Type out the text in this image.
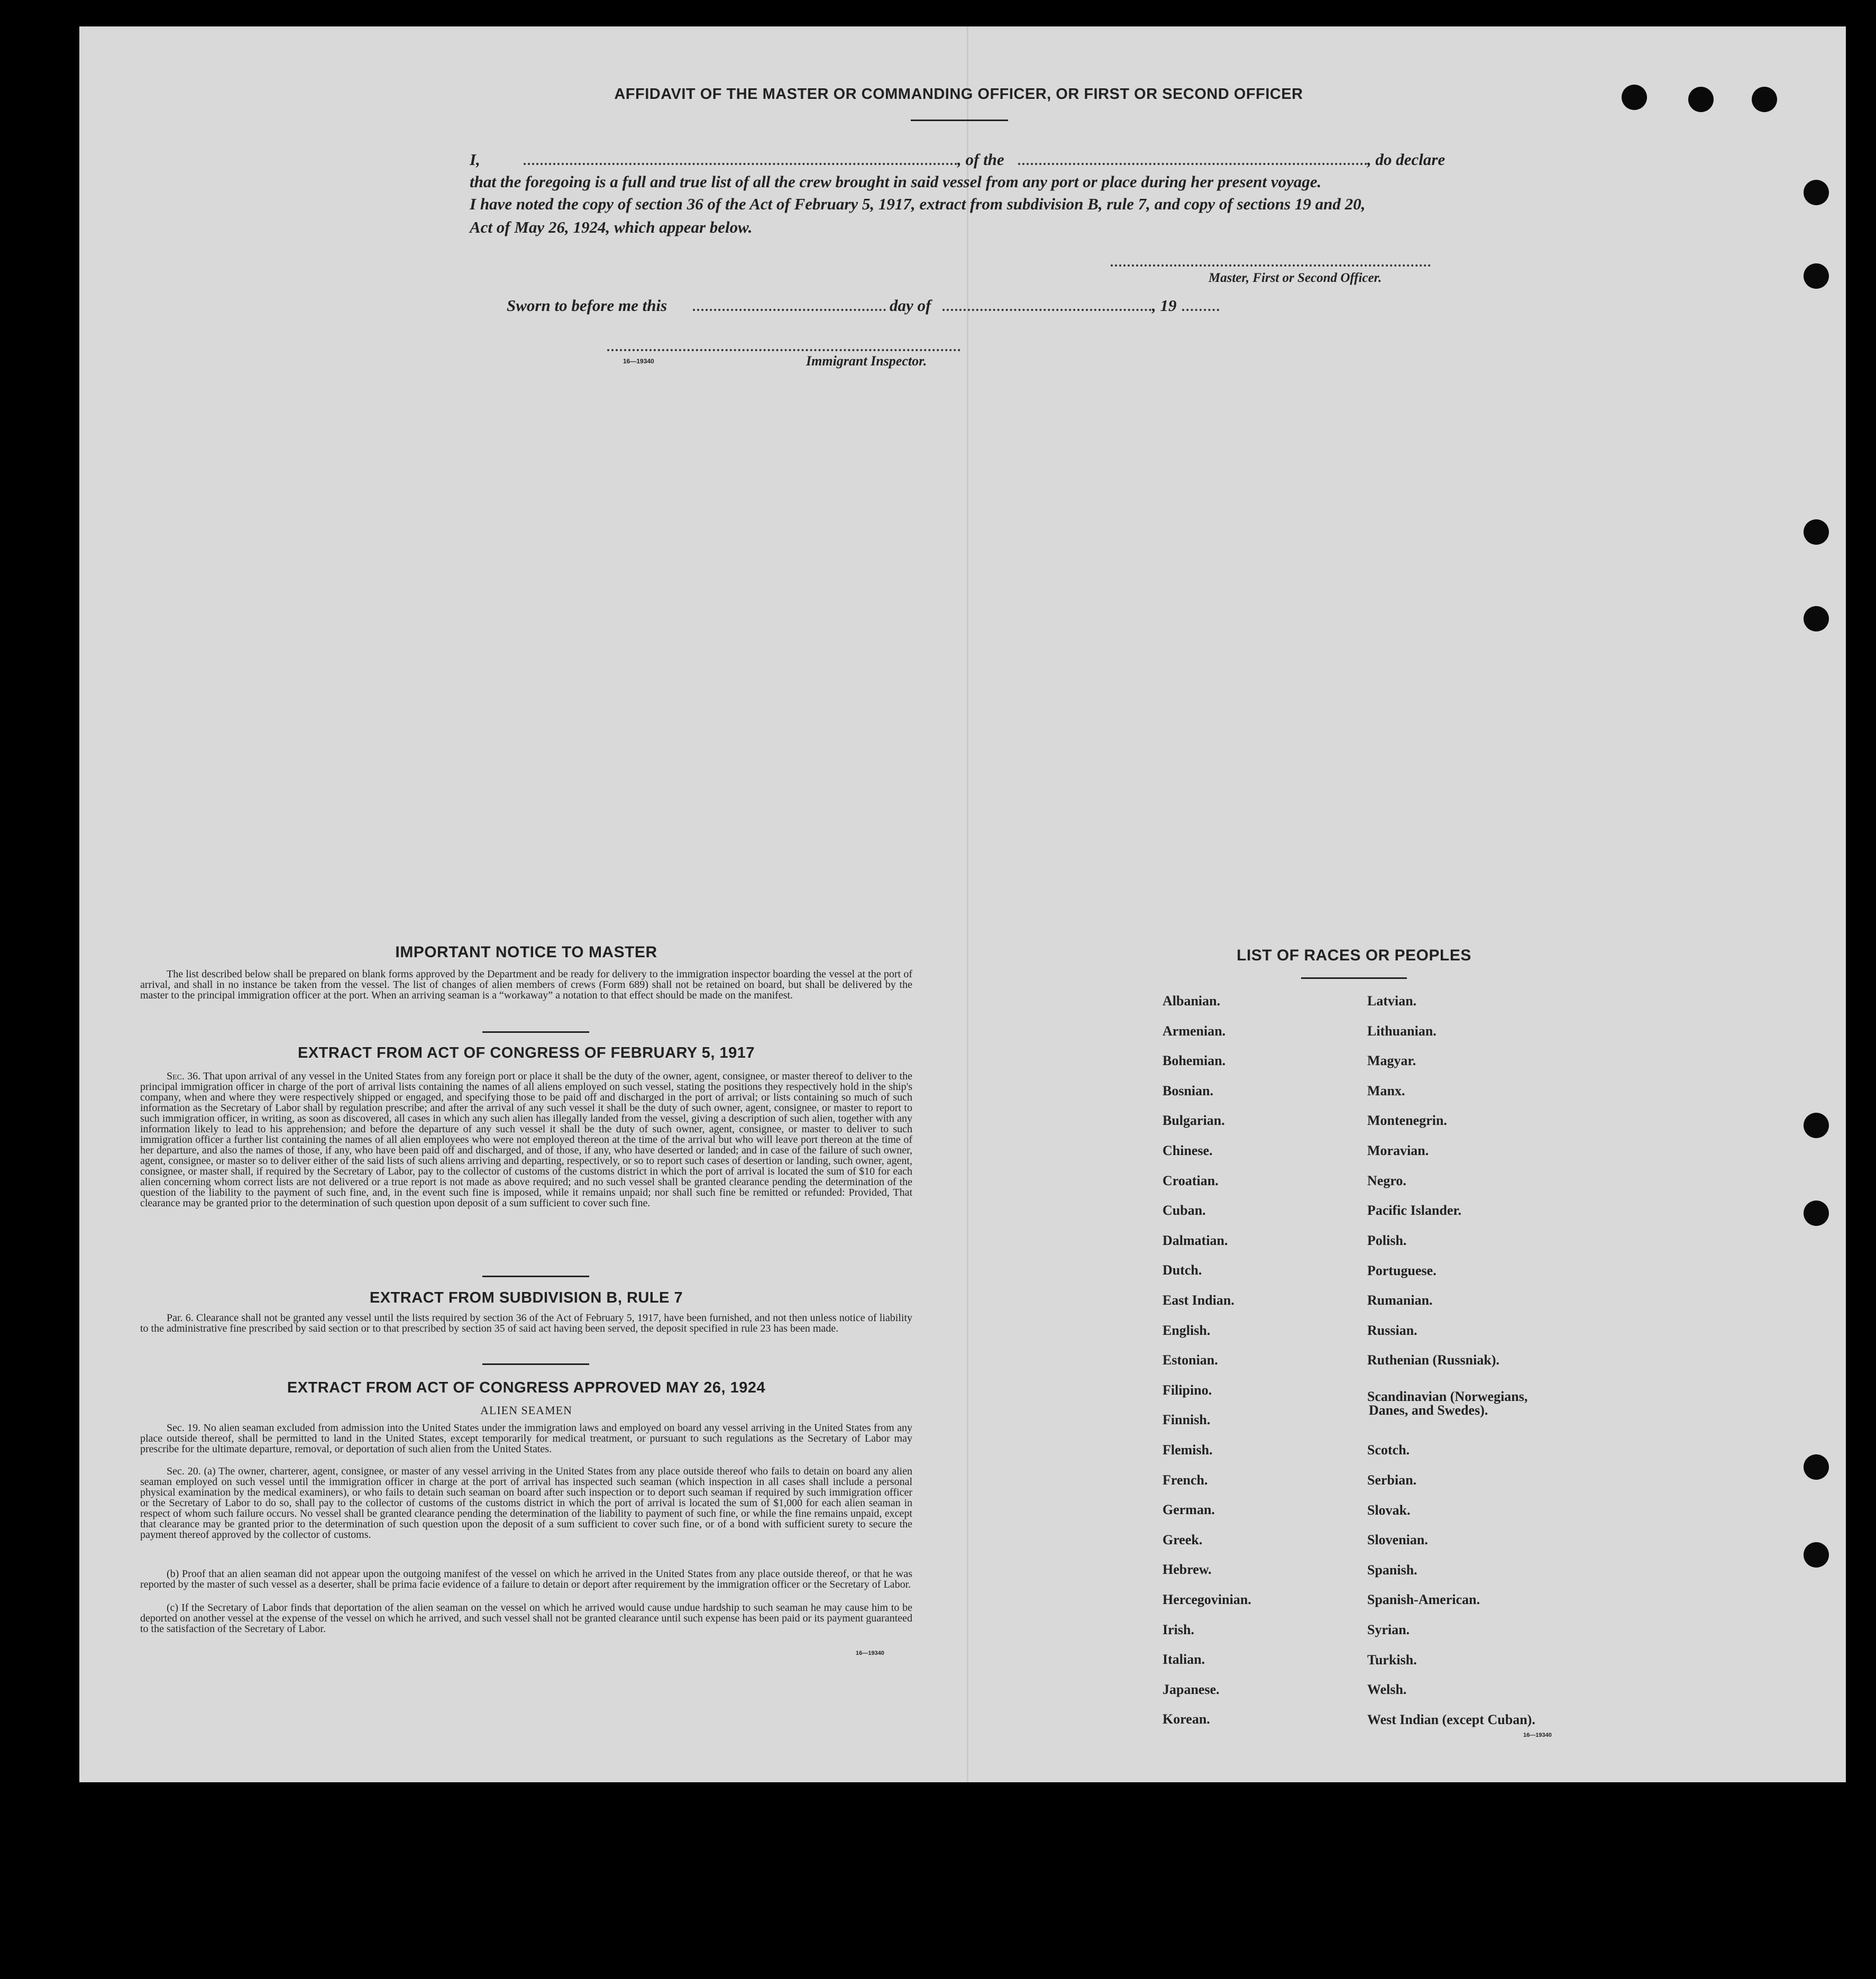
AFFIDAVIT OF THE MASTER OR COMMANDING OFFICER, OR FIRST OR SECOND OFFICER
I,	, of the	, do declare
that the foregoing is a full and true list of all the crew brought in said vessel from any port or place during her present voyage.
I have noted the copy of section 36 of the Act of February 5, 1917, extract from subdivision B, rule 7, and copy of sections 19 and 20,
Act of May 26, 1924, which appear below.
Master, First or Second Officer.
Sworn to before me this	day of	, 19
16—19340	Immigrant Inspector.
IMPORTANT NOTICE TO MASTER
The list described below shall be prepared on blank forms approved by the Department and be ready for delivery to the immigration inspector boarding the vessel at the port of arrival, and shall in no instance be taken from the vessel. The list of changes of alien members of crews (Form 689) shall not be retained on board, but shall be delivered by the master to the principal immigration officer at the port. When an arriving seaman is a “workaway” a notation to that effect should be made on the manifest.
EXTRACT FROM ACT OF CONGRESS OF FEBRUARY 5, 1917
Sec. 36. That upon arrival of any vessel in the United States from any foreign port or place it shall be the duty of the owner, agent, consignee, or master thereof to deliver to the principal immigration officer in charge of the port of arrival lists containing the names of all aliens employed on such vessel, stating the positions they respectively hold in the ship's company, when and where they were respectively shipped or engaged, and specifying those to be paid off and discharged in the port of arrival; or lists containing so much of such information as the Secretary of Labor shall by regulation prescribe; and after the arrival of any such vessel it shall be the duty of such owner, agent, consignee, or master to report to such immigration officer, in writing, as soon as discovered, all cases in which any such alien has illegally landed from the vessel, giving a description of such alien, together with any information likely to lead to his apprehension; and before the departure of any such vessel it shall be the duty of such owner, agent, consignee, or master to deliver to such immigration officer a further list containing the names of all alien employees who were not employed thereon at the time of the arrival but who will leave port thereon at the time of her departure, and also the names of those, if any, who have been paid off and discharged, and of those, if any, who have deserted or landed; and in case of the failure of such owner, agent, consignee, or master so to deliver either of the said lists of such aliens arriving and departing, respectively, or so to report such cases of desertion or landing, such owner, agent, consignee, or master shall, if required by the Secretary of Labor, pay to the collector of customs of the customs district in which the port of arrival is located the sum of $10 for each alien concerning whom correct lists are not delivered or a true report is not made as above required; and no such vessel shall be granted clearance pending the determination of the question of the liability to the payment of such fine, and, in the event such fine is imposed, while it remains unpaid; nor shall such fine be remitted or refunded: Provided, That clearance may be granted prior to the determination of such question upon deposit of a sum sufficient to cover such fine.
EXTRACT FROM SUBDIVISION B, RULE 7
Par. 6. Clearance shall not be granted any vessel until the lists required by section 36 of the Act of February 5, 1917, have been furnished, and not then unless notice of liability to the administrative fine prescribed by said section or to that prescribed by section 35 of said act having been served, the deposit specified in rule 23 has been made.
EXTRACT FROM ACT OF CONGRESS APPROVED MAY 26, 1924
ALIEN SEAMEN
Sec. 19. No alien seaman excluded from admission into the United States under the immigration laws and employed on board any vessel arriving in the United States from any place outside thereof, shall be permitted to land in the United States, except temporarily for medical treatment, or pursuant to such regulations as the Secretary of Labor may prescribe for the ultimate departure, removal, or deportation of such alien from the United States.
Sec. 20. (a) The owner, charterer, agent, consignee, or master of any vessel arriving in the United States from any place outside thereof who fails to detain on board any alien seaman employed on such vessel until the immigration officer in charge at the port of arrival has inspected such seaman (which inspection in all cases shall include a personal physical examination by the medical examiners), or who fails to detain such seaman on board after such inspection or to deport such seaman if required by such immigration officer or the Secretary of Labor to do so, shall pay to the collector of customs of the customs district in which the port of arrival is located the sum of $1,000 for each alien seaman in respect of whom such failure occurs. No vessel shall be granted clearance pending the determination of the liability to payment of such fine, or while the fine remains unpaid, except that clearance may be granted prior to the determination of such question upon the deposit of a sum sufficient to cover such fine, or of a bond with sufficient surety to secure the payment thereof approved by the collector of customs.
(b) Proof that an alien seaman did not appear upon the outgoing manifest of the vessel on which he arrived in the United States from any place outside thereof, or that he was reported by the master of such vessel as a deserter, shall be prima facie evidence of a failure to detain or deport after requirement by the immigration officer or the Secretary of Labor.
(c) If the Secretary of Labor finds that deportation of the alien seaman on the vessel on which he arrived would cause undue hardship to such seaman he may cause him to be deported on another vessel at the expense of the vessel on which he arrived, and such vessel shall not be granted clearance until such expense has been paid or its payment guaranteed to the satisfaction of the Secretary of Labor.
16—19340
LIST OF RACES OR PEOPLES
Albanian.
Armenian.
Bohemian.
Bosnian.
Bulgarian.
Chinese.
Croatian.
Cuban.
Dalmatian.
Dutch.
East Indian.
English.
Estonian.
Filipino.
Finnish.
Flemish.
French.
German.
Greek.
Hebrew.
Hercegovinian.
Irish.
Italian.
Japanese.
Korean.
Latvian.
Lithuanian.
Magyar.
Manx.
Montenegrin.
Moravian.
Negro.
Pacific Islander.
Polish.
Portuguese.
Rumanian.
Russian.
Ruthenian (Russniak).
Scandinavian (Norwegians,
Danes, and Swedes).
Scotch.
Serbian.
Slovak.
Slovenian.
Spanish.
Spanish-American.
Syrian.
Turkish.
Welsh.
West Indian (except Cuban).
16—19340
